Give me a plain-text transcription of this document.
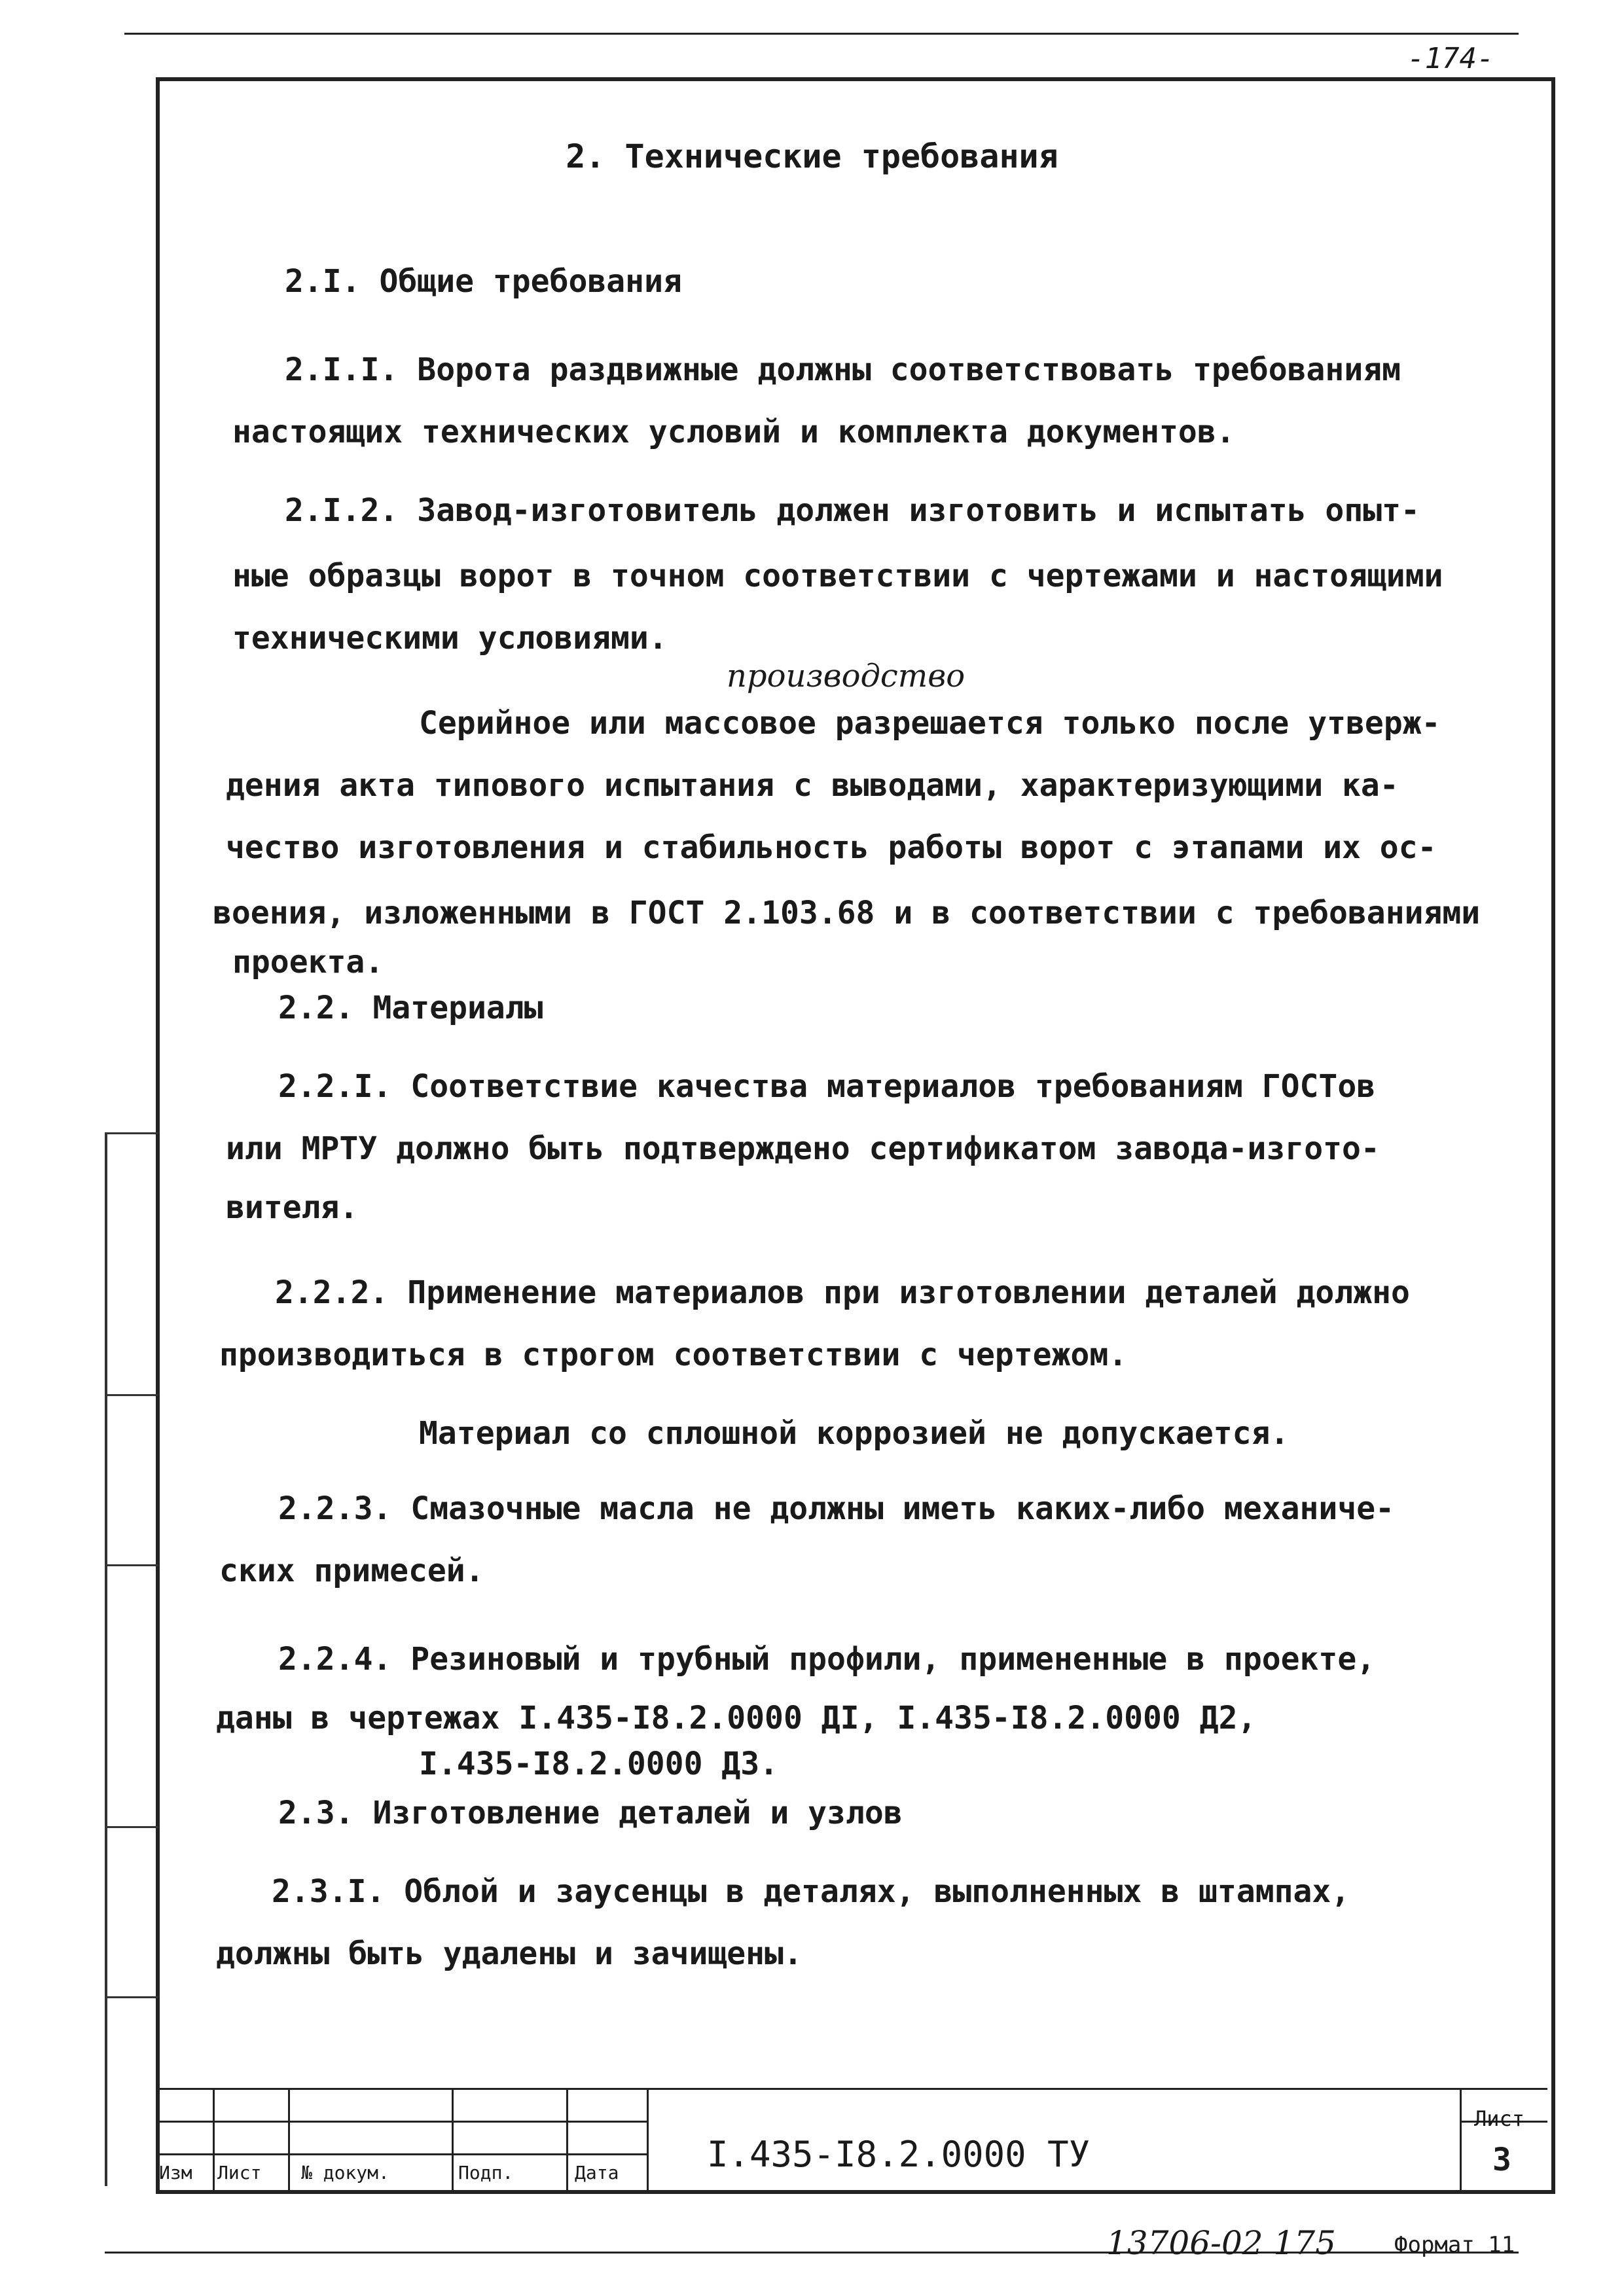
-174-
2. Технические требования
2.I. Общие требования
2.I.I. Ворота раздвижные должны соответствовать требованиям
настоящих технических условий и комплекта документов.
2.I.2. Завод-изготовитель должен изготовить и испытать опыт-
ные образцы ворот в точном соответствии с чертежами и настоящими
техническими условиями.
производство
Серийное или массовое разрешается только после утверж-
дения акта типового испытания с выводами, характеризующими ка-
чество изготовления и стабильность работы ворот с этапами их ос-
воения, изложенными в ГОСТ 2.103.68 и в соответствии с требованиями
проекта.
2.2. Материалы
2.2.I. Соответствие качества материалов требованиям ГОСТов
или МРТУ должно быть подтверждено сертификатом завода-изгото-
вителя.
2.2.2. Применение материалов при изготовлении деталей должно
производиться в строгом соответствии с чертежом.
Материал со сплошной коррозией не допускается.
2.2.3. Смазочные масла не должны иметь каких-либо механиче-
ских примесей.
2.2.4. Резиновый и трубный профили, примененные в проекте,
даны в чертежах I.435-I8.2.0000 ДI, I.435-I8.2.0000 Д2,
I.435-I8.2.0000 Д3.
2.3. Изготовление деталей и узлов
2.3.I. Облой и заусенцы в деталях, выполненных в штампах,
должны быть удалены и зачищены.
Изм Лист № докум.	Подп.	Дата I.435-I8.2.0000 ТУ
Лист
3
13706-02 175	Формат 11
